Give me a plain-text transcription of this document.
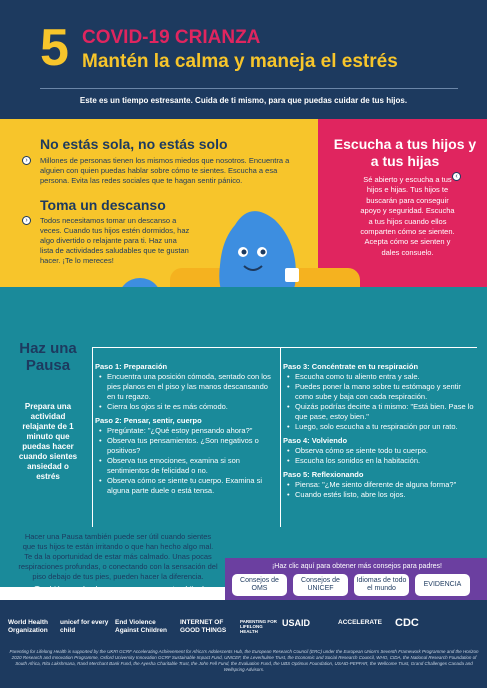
5 COVID-19 CRIANZA
Mantén la calma y maneja el estrés
Este es un tiempo estresante. Cuida de ti mismo, para que puedas cuidar de tus hijos.
No estás sola, no estás solo
›	Millones de personas tienen los mismos miedos que nosotros. Encuentra a alguien con quien puedas hablar sobre cómo te sientes. Escucha a esa persona. Evita las redes sociales que te hagan sentir pánico.
Toma un descanso
›	Todos necesitamos tomar un descanso a veces. Cuando tus hijos estén dormidos, haz algo divertido o relajante para ti. Haz una lista de actividades saludables que te gustan hacer. ¡Te lo mereces!
Escucha a tus hijos y a tus hijas
‹
Sé abierto y escucha a tus hijos e hijas. Tus hijos te buscarán para conseguir apoyo y seguridad. Escucha a tus hijos cuando ellos comparten cómo se sienten. Acepta cómo se sienten y dales consuelo.
Haz una Pausa
Prepara una actividad relajante de 1 minuto que puedas hacer cuando sientes ansiedad o estrés
Paso 1: Preparación
• Encuentra una posición cómoda, sentado con los pies planos en el piso y las manos descansando en tu regazo.
• Cierra los ojos si te es más cómodo.
Paso 2: Pensar, sentir, cuerpo
• Pregúntate: "¿Qué estoy pensando ahora?"
• Observa tus pensamientos. ¿Son negativos o positivos?
• Observa tus emociones, examina si son sentimientos de felicidad o no.
• Observa cómo se siente tu cuerpo. Examina si alguna parte duele o está tensa.
Paso 3: Concéntrate en tu respiración
• Escucha como tu aliento entra y sale.
• Puedes poner la mano sobre tu estómago y sentir como sube y baja con cada respiración.
• Quizás podrías decirte a ti mismo: "Está bien. Pase lo que pase, estoy bien."
• Luego, solo escucha a tu respiración por un rato.
Paso 4: Volviendo
• Observa cómo se siente todo tu cuerpo.
• Escucha los sonidos en la habitación.
Paso 5: Reflexionando
• Piensa: "¿Me siento diferente de alguna forma?"
• Cuando estés listo, abre los ojos.
Hacer una Pausa también puede ser útil cuando sientes que tus hijos te están irritando o que han hecho algo mal. Te da la oportunidad de estar más calmado. Unas pocas respiraciones profundas, o conectando con la sensación del piso debajo de tus pies, pueden hacer la diferencia.
¡También puedes hacer una pausa con tus hijos!
¡Haz clic aquí para obtener más consejos para padres!
Consejos de OMS
Consejos de UNICEF
Idiomas de todo el mundo
EVIDENCIA
World Health Organization
unicef for every child
End Violence Against Children
INTERNET OF GOOD THINGS
PARENTING FOR LIFELONG HEALTH
USAID	ACCELERATE	CDC
Parenting for Lifelong Health is supported by the UKRI GCRF Accelerating Achievement for Africa's Adolescents Hub, the European Research Council (ERC) under the European Union's Seventh Framework Programme and the Horizon 2020 Research and Innovation Programme, Oxford University Innovation GCRF Sustainable Impact Fund, UNICEF, the Leverhulme Trust, the Economic and Social Research Council, WHO, CIDA, the National Research Foundation of South Africa, Rita Lakshmana, Rand Merchant Bank Fund, the Ayesha Charitable Trust, the John Fell Fund, the Evaluation Fund, the UBS Optimus Foundation, USAID-PEPFAR, the Wellcome Trust, Grand Challenges Canada and Wellspring Advisors.
